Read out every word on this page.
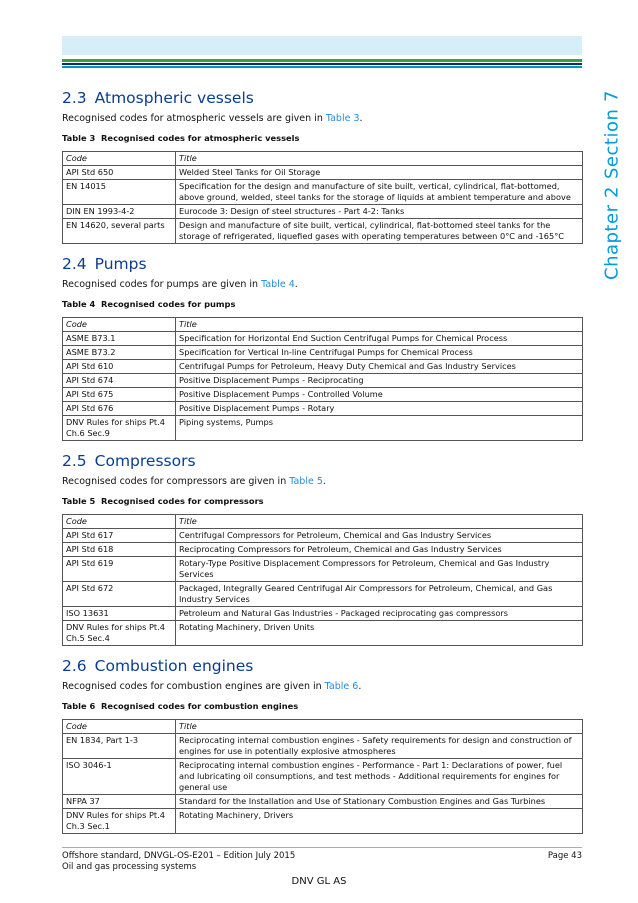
Chapter
2
Section
7
2.3 Atmospheric vessels

Recognised codes for atmospheric vessels are given in Table 3.

Table 3 Recognised codes for atmospheric vessels

Code	Title
API Std 650	Welded Steel Tanks for Oil Storage
EN 14015	Specification for the design and manufacture of site built, vertical, cylindrical, flat-bottomed, above ground, welded, steel tanks for the storage of liquids at ambient temperature and above
DIN EN 1993-4-2	Eurocode 3: Design of steel structures - Part 4-2: Tanks
EN 14620, several parts	Design and manufacture of site built, vertical, cylindrical, flat-bottomed steel tanks for the storage of refrigerated, liquefied gases with operating temperatures between 0°C and -165°C
2.4 Pumps

Recognised codes for pumps are given in Table 4.

Table 4 Recognised codes for pumps

Code	Title
ASME B73.1	Specification for Horizontal End Suction Centrifugal Pumps for Chemical Process
ASME B73.2	Specification for Vertical In-line Centrifugal Pumps for Chemical Process
API Std 610	Centrifugal Pumps for Petroleum, Heavy Duty Chemical and Gas Industry Services
API Std 674	Positive Displacement Pumps - Reciprocating
API Std 675	Positive Displacement Pumps - Controlled Volume
API Std 676	Positive Displacement Pumps - Rotary
DNV Rules for ships Pt.4 Ch.6 Sec.9	Piping systems, Pumps
2.5 Compressors

Recognised codes for compressors are given in Table 5.

Table 5 Recognised codes for compressors

Code	Title
API Std 617	Centrifugal Compressors for Petroleum, Chemical and Gas Industry Services
API Std 618	Reciprocating Compressors for Petroleum, Chemical and Gas Industry Services
API Std 619	Rotary-Type Positive Displacement Compressors for Petroleum, Chemical and Gas Industry Services
API Std 672	Packaged, Integrally Geared Centrifugal Air Compressors for Petroleum, Chemical, and Gas Industry Services
ISO 13631	Petroleum and Natural Gas Industries - Packaged reciprocating gas compressors
DNV Rules for ships Pt.4 Ch.5 Sec.4	Rotating Machinery, Driven Units
2.6 Combustion engines

Recognised codes for combustion engines are given in Table 6.

Table 6 Recognised codes for combustion engines

Code	Title
EN 1834, Part 1-3	Reciprocating internal combustion engines - Safety requirements for design and construction of engines for use in potentially explosive atmospheres
ISO 3046-1	Reciprocating internal combustion engines - Performance - Part 1: Declarations of power, fuel and lubricating oil consumptions, and test methods - Additional requirements for engines for general use
NFPA 37	Standard for the Installation and Use of Stationary Combustion Engines and Gas Turbines
DNV Rules for ships Pt.4 Ch.3 Sec.1	Rotating Machinery, Drivers
Offshore standard, DNVGL-OS-E201 – Edition July 2015	Page 43
Oil and gas processing systems
DNV GL AS
